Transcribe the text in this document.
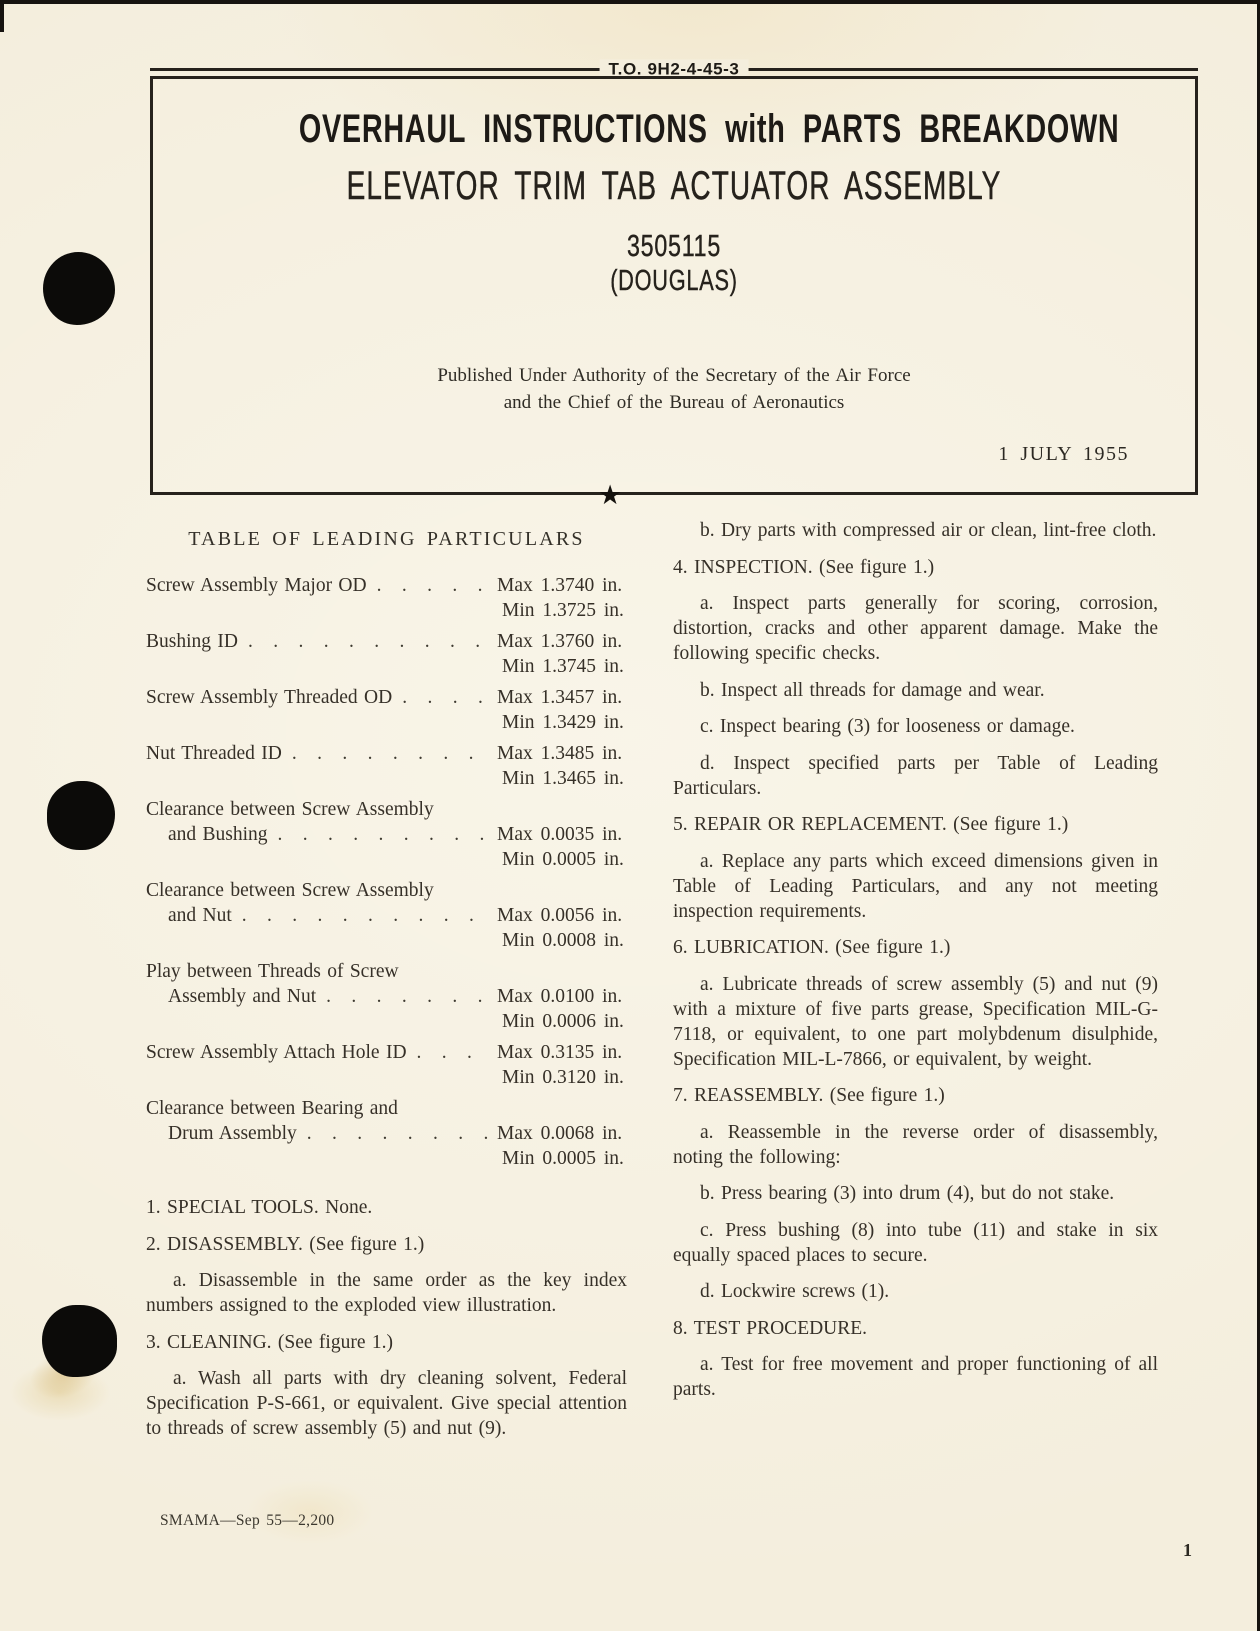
T.O. 9H2-4-45-3
OVERHAUL INSTRUCTIONS with PARTS BREAKDOWN
ELEVATOR TRIM TAB ACTUATOR ASSEMBLY
3505115
(DOUGLAS)
Published Under Authority of the Secretary of the Air Force
and the Chief of the Bureau of Aeronautics
1 JULY 1955
★
TABLE OF LEADING PARTICULARS
Screw Assembly Major OD . . .	Max 1.3740 in.
Min 1.3725 in.
Bushing ID . . .	Max 1.3760 in.
Min 1.3745 in.
Screw Assembly Threaded OD . . .	Max 1.3457 in.
Min 1.3429 in.
Nut Threaded ID . . .	Max 1.3485 in.
Min 1.3465 in.
Clearance between Screw Assembly
and Bushing . . .	Max 0.0035 in.
Min 0.0005 in.
Clearance between Screw Assembly
and Nut . . .	Max 0.0056 in.
Min 0.0008 in.
Play between Threads of Screw
Assembly and Nut . . .	Max 0.0100 in.
Min 0.0006 in.
Screw Assembly Attach Hole ID . . .	Max 0.3135 in.
Min 0.3120 in.
Clearance between Bearing and
Drum Assembly . . .	Max 0.0068 in.
Min 0.0005 in.
1. SPECIAL TOOLS. None.
2. DISASSEMBLY. (See figure 1.)
a. Disassemble in the same order as the key index numbers assigned to the exploded view illustration.
3. CLEANING. (See figure 1.)
a. Wash all parts with dry cleaning solvent, Federal Specification P-S-661, or equivalent. Give special attention to threads of screw assembly (5) and nut (9).
b. Dry parts with compressed air or clean, lint-free cloth.
4. INSPECTION. (See figure 1.)
a. Inspect parts generally for scoring, corrosion, distortion, cracks and other apparent damage. Make the following specific checks.
b. Inspect all threads for damage and wear.
c. Inspect bearing (3) for looseness or damage.
d. Inspect specified parts per Table of Leading Particulars.
5. REPAIR OR REPLACEMENT. (See figure 1.)
a. Replace any parts which exceed dimensions given in Table of Leading Particulars, and any not meeting inspection requirements.
6. LUBRICATION. (See figure 1.)
a. Lubricate threads of screw assembly (5) and nut (9) with a mixture of five parts grease, Specification MIL-G-7118, or equivalent, to one part molybdenum disulphide, Specification MIL-L-7866, or equivalent, by weight.
7. REASSEMBLY. (See figure 1.)
a. Reassemble in the reverse order of disassembly, noting the following:
b. Press bearing (3) into drum (4), but do not stake.
c. Press bushing (8) into tube (11) and stake in six equally spaced places to secure.
d. Lockwire screws (1).
8. TEST PROCEDURE.
a. Test for free movement and proper functioning of all parts.
SMAMA—Sep 55—2,200
1
